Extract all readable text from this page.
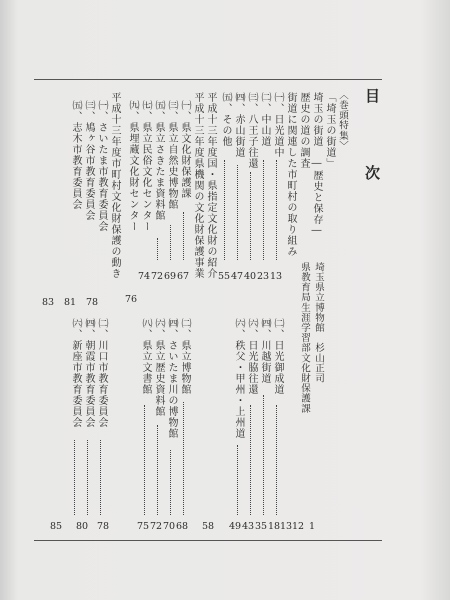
目 次
〈巻頭特集〉
「埼玉の街道」
埼玉の街道　―歴史と保存―
埼玉県立博物館　杉山正司
1
歴史の道の調査
県教育局生涯学習部文化財保護課
12
街道に関連した市町村の取り組み
13
㈠、日光道中
13
㈡、中山道
23
㈢、八王子往還
40
㈣、赤山街道
47
㈤、その他
55
平成十三年度国・県指定文化財の紹介
58
平成十三年度県機関の文化財保護事業
㈠、県文化財保護課
67
㈢、県立自然史博物館
69
㈤、県立さきたま資料館
72
㈦、県立民俗文化センター
74
㈨、県埋蔵文化財センター
76
平成十三年度市町村文化財保護の動き
㈠、さいたま市教育委員会
78
㈢、鳩ヶ谷市教育委員会
81
㈤、志木市教育委員会
83
㈡、日光御成道
18
㈣、川越街道
35
㈥、日光脇往還
43
㈥、秩父・甲州・上州道
49
㈡、県立博物館
68
㈣、さいたま川の博物館
70
㈥、県立歴史資料館
72
㈧、県立文書館
75
㈡、川口市教育委員会
78
㈣、朝霞市教育委員会
80
㈥、新座市教育委員会
85
